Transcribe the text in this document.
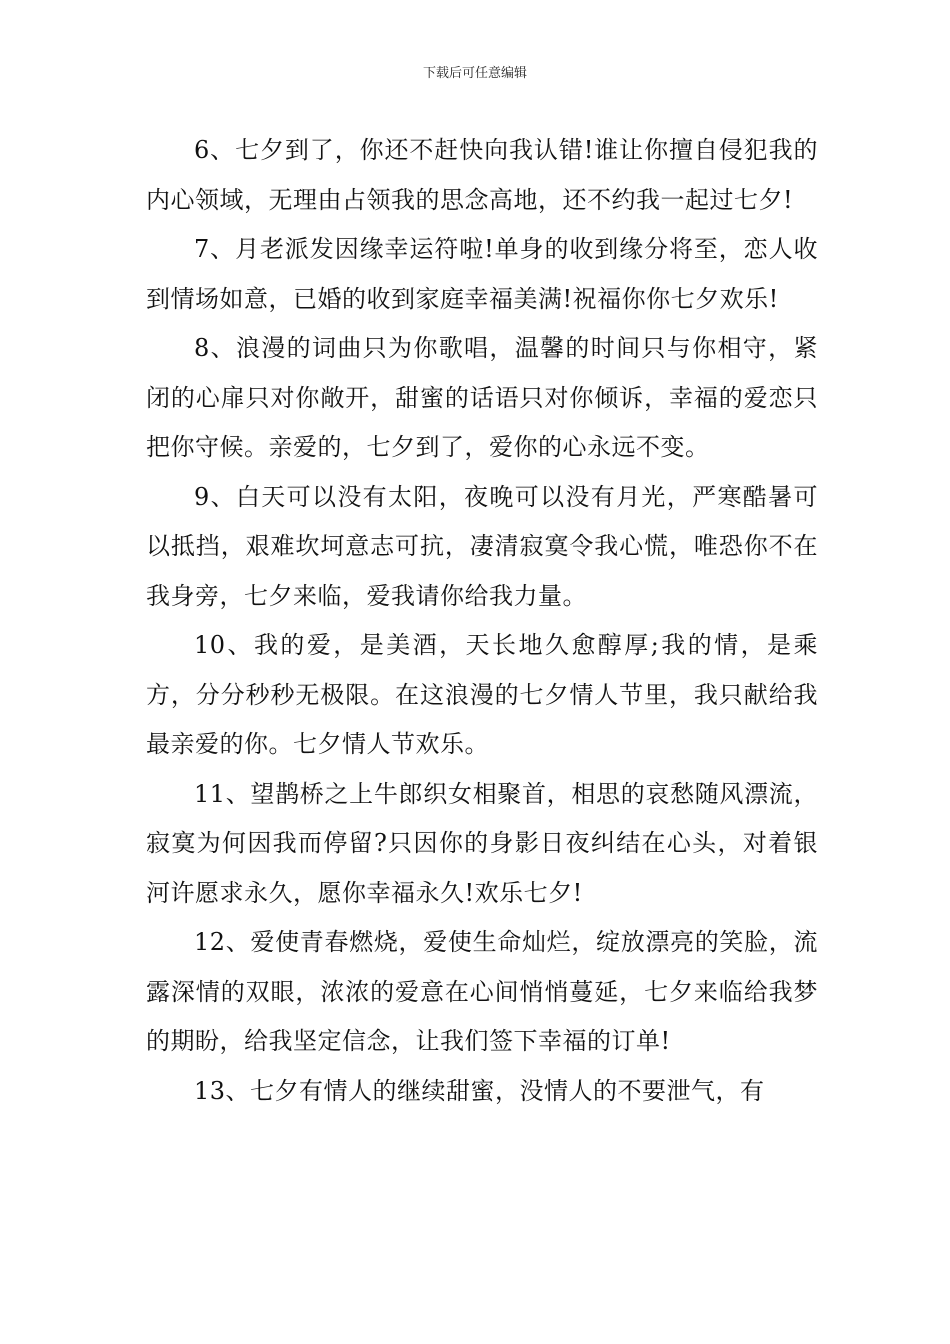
下载后可任意编辑

6、七夕到了，你还不赶快向我认错!谁让你擅自侵犯我的内心领域，无理由占领我的思念高地，还不约我一起过七夕!

7、月老派发因缘幸运符啦!单身的收到缘分将至，恋人收到情场如意，已婚的收到家庭幸福美满!祝福你你七夕欢乐!

8、浪漫的词曲只为你歌唱，温馨的时间只与你相守，紧闭的心扉只对你敞开，甜蜜的话语只对你倾诉，幸福的爱恋只把你守候。亲爱的，七夕到了，爱你的心永远不变。

9、白天可以没有太阳，夜晚可以没有月光，严寒酷暑可以抵挡，艰难坎坷意志可抗，凄清寂寞令我心慌，唯恐你不在我身旁，七夕来临，爱我请你给我力量。

10、我的爱，是美酒，天长地久愈醇厚;我的情，是乘方，分分秒秒无极限。在这浪漫的七夕情人节里，我只献给我最亲爱的你。七夕情人节欢乐。

11、望鹊桥之上牛郎织女相聚首，相思的哀愁随风漂流，寂寞为何因我而停留?只因你的身影日夜纠结在心头，对着银河许愿求永久，愿你幸福永久!欢乐七夕!

12、爱使青春燃烧，爱使生命灿烂，绽放漂亮的笑脸，流露深情的双眼，浓浓的爱意在心间悄悄蔓延，七夕来临给我梦的期盼，给我坚定信念，让我们签下幸福的订单!

13、七夕有情人的继续甜蜜，没情人的不要泄气，有
